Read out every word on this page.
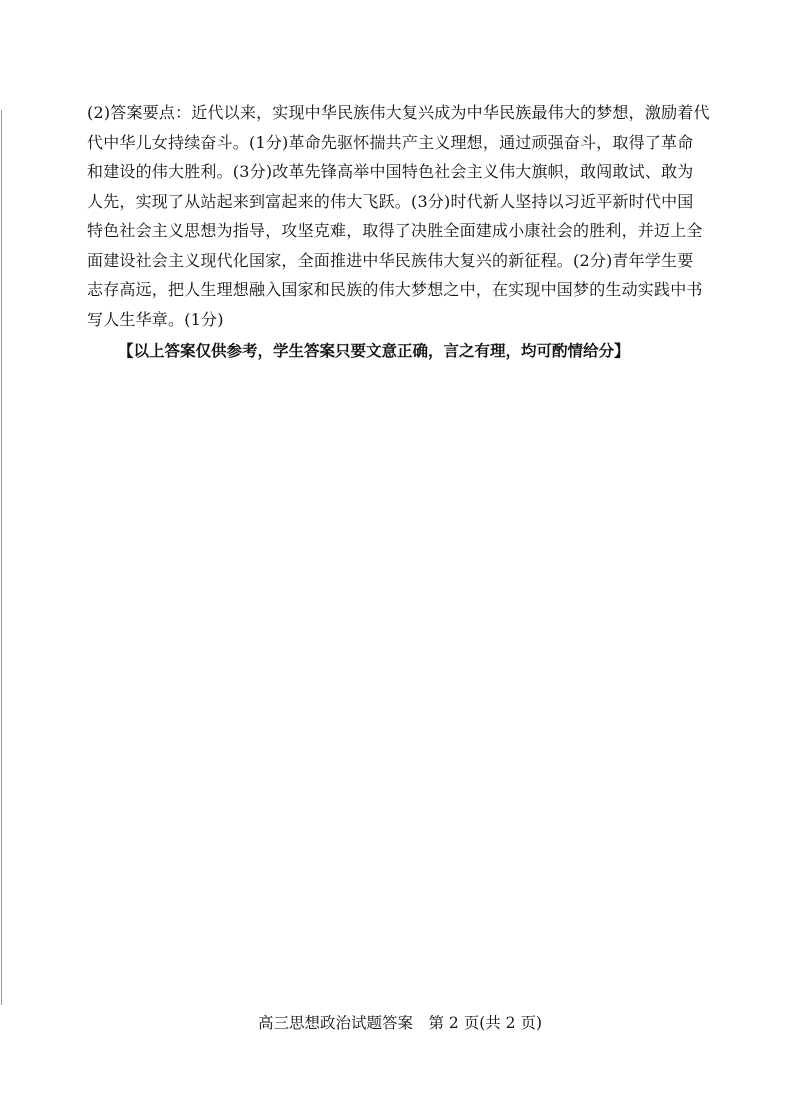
(2)答案要点：近代以来，实现中华民族伟大复兴成为中华民族最伟大的梦想，激励着代
代中华儿女持续奋斗。(1分)革命先驱怀揣共产主义理想，通过顽强奋斗，取得了革命
和建设的伟大胜利。(3分)改革先锋高举中国特色社会主义伟大旗帜，敢闯敢试、敢为
人先，实现了从站起来到富起来的伟大飞跃。(3分)时代新人坚持以习近平新时代中国
特色社会主义思想为指导，攻坚克难，取得了决胜全面建成小康社会的胜利，并迈上全
面建设社会主义现代化国家，全面推进中华民族伟大复兴的新征程。(2分)青年学生要
志存高远，把人生理想融入国家和民族的伟大梦想之中，在实现中国梦的生动实践中书
写人生华章。(1分)
【以上答案仅供参考，学生答案只要文意正确，言之有理，均可酌情给分】
高三思想政治试题答案　第 2 页(共 2 页)
